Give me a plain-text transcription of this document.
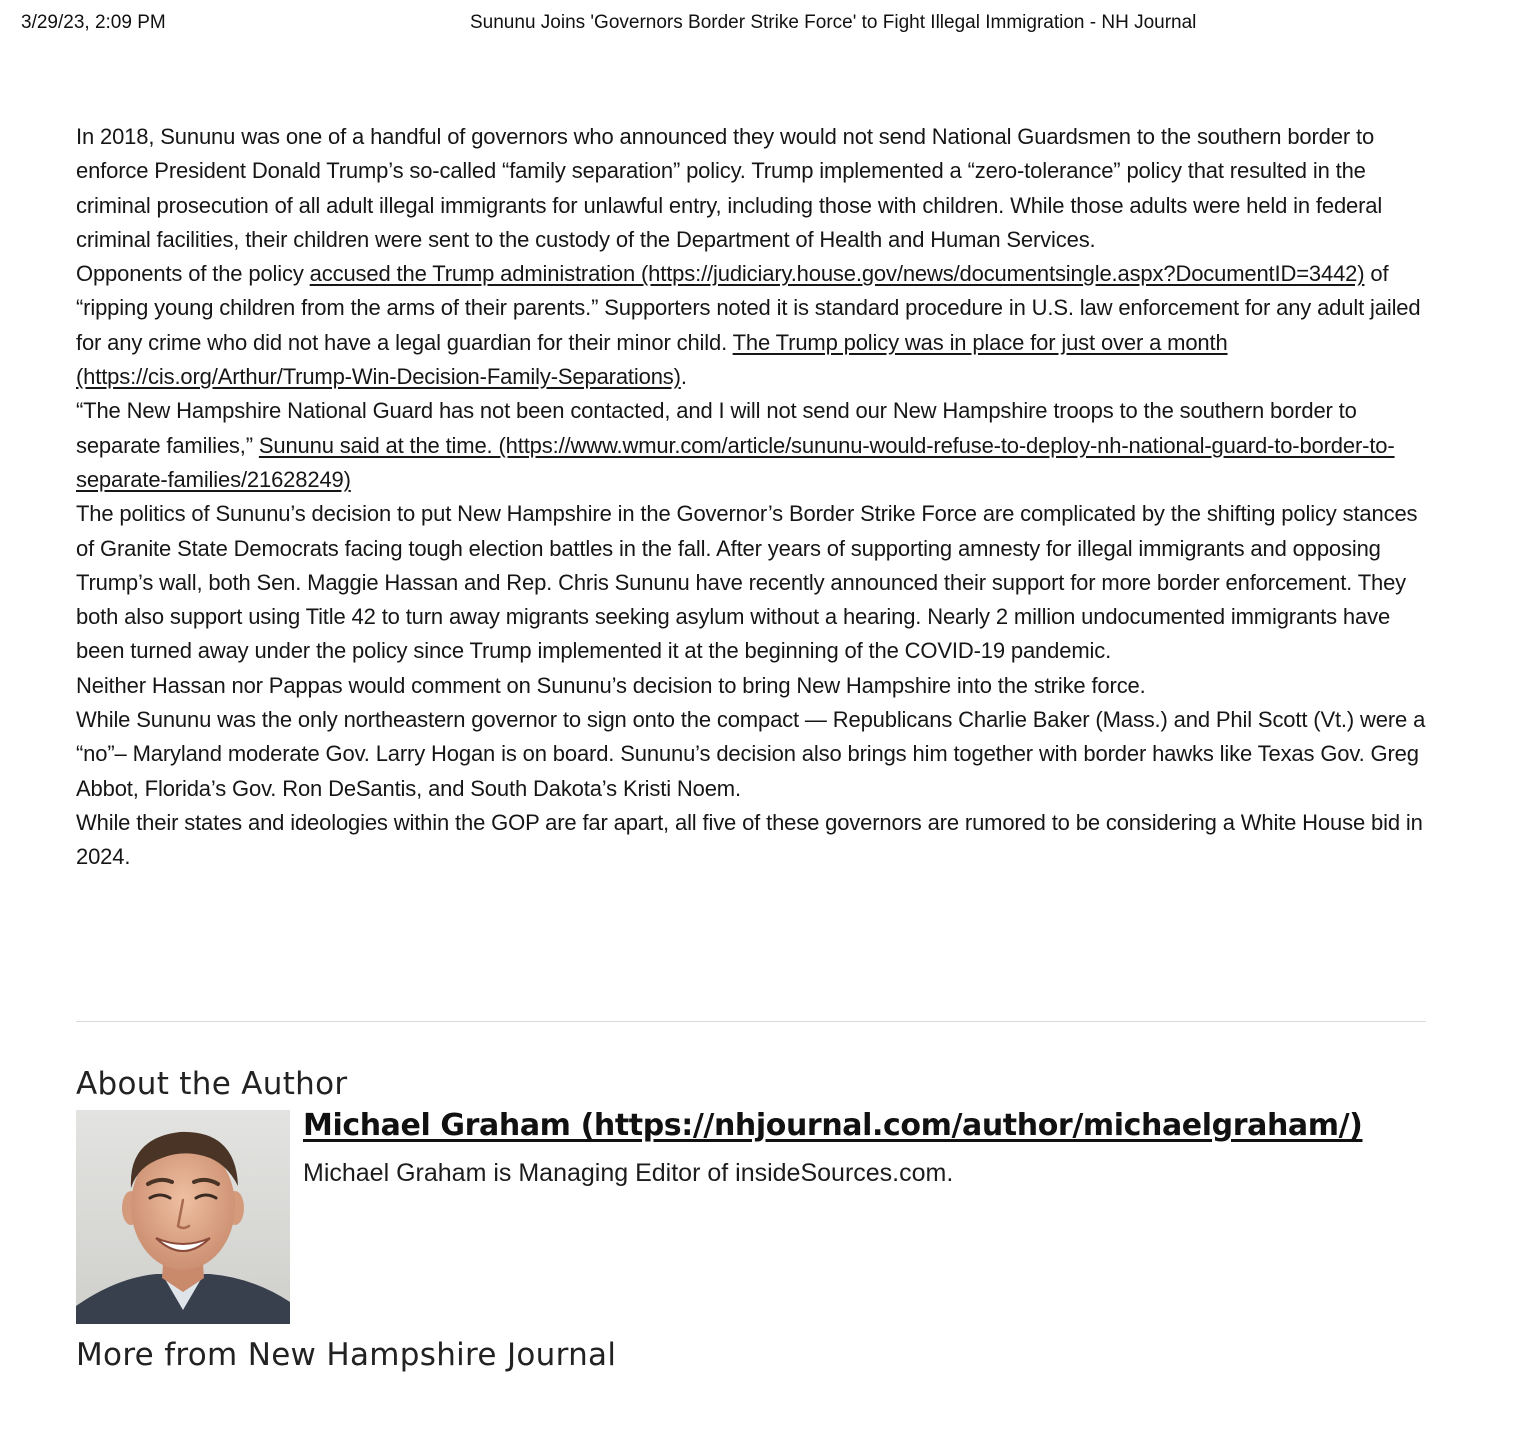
3/29/23, 2:09 PM	Sununu Joins 'Governors Border Strike Force' to Fight Illegal Immigration - NH Journal

In 2018, Sununu was one of a handful of governors who announced they would not send National Guardsmen to the southern border to enforce President Donald Trump’s so-called “family separation” policy. Trump implemented a “zero-tolerance” policy that resulted in the criminal prosecution of all adult illegal immigrants for unlawful entry, including those with children. While those adults were held in federal criminal facilities, their children were sent to the custody of the Department of Health and Human Services.

Opponents of the policy accused the Trump administration (https://judiciary.house.gov/news/documentsingle.aspx?DocumentID=3442) of “ripping young children from the arms of their parents.” Supporters noted it is standard procedure in U.S. law enforcement for any adult jailed for any crime who did not have a legal guardian for their minor child. The Trump policy was in place for just over a month (https://cis.org/Arthur/Trump-Win-Decision-Family-Separations).

“The New Hampshire National Guard has not been contacted, and I will not send our New Hampshire troops to the southern border to separate families,” Sununu said at the time. (https://www.wmur.com/article/sununu-would-refuse-to-deploy-nh-national-guard-to-border-to-separate-families/21628249)

The politics of Sununu’s decision to put New Hampshire in the Governor’s Border Strike Force are complicated by the shifting policy stances of Granite State Democrats facing tough election battles in the fall. After years of supporting amnesty for illegal immigrants and opposing Trump’s wall, both Sen. Maggie Hassan and Rep. Chris Sununu have recently announced their support for more border enforcement. They both also support using Title 42 to turn away migrants seeking asylum without a hearing. Nearly 2 million undocumented immigrants have been turned away under the policy since Trump implemented it at the beginning of the COVID-19 pandemic.

Neither Hassan nor Pappas would comment on Sununu’s decision to bring New Hampshire into the strike force.

While Sununu was the only northeastern governor to sign onto the compact — Republicans Charlie Baker (Mass.) and Phil Scott (Vt.) were a “no”– Maryland moderate Gov. Larry Hogan is on board. Sununu’s decision also brings him together with border hawks like Texas Gov. Greg Abbot, Florida’s Gov. Ron DeSantis, and South Dakota’s Kristi Noem.

While their states and ideologies within the GOP are far apart, all five of these governors are rumored to be considering a White House bid in 2024.

About the Author
Michael Graham (https://nhjournal.com/author/michaelgraham/)
Michael Graham is Managing Editor of insideSources.com.
More from New Hampshire Journal
